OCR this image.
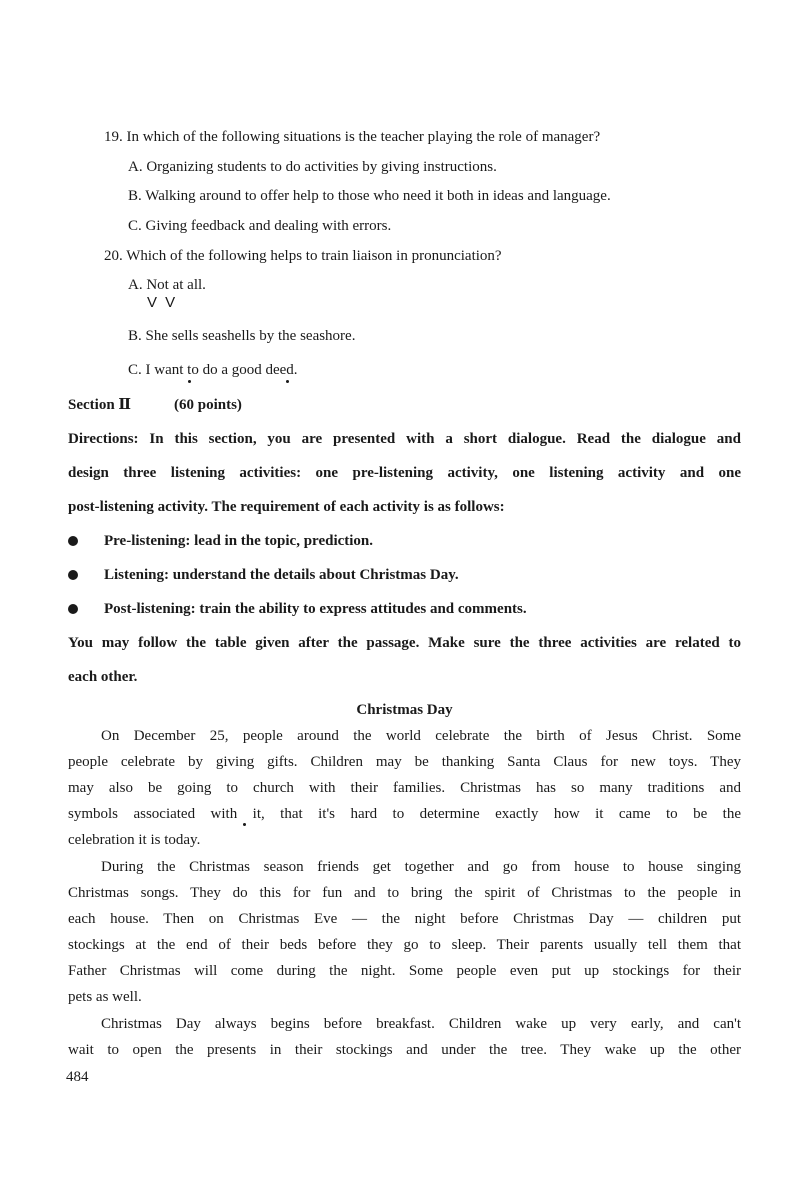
19. In which of the following situations is the teacher playing the role of manager?
A. Organizing students to do activities by giving instructions.
B. Walking around to offer help to those who need it both in ideas and language.
C. Giving feedback and dealing with errors.
20. Which of the following helps to train liaison in pronunciation?
A. Not at all.
V V
B. She sells seashells by the seashore.
C. I want to do a good deed.
Section Ⅱ	(60 points)
Directions: In this section, you are presented with a short dialogue. Read the dialogue and
design three listening activities: one pre-listening activity, one listening activity and one
post-listening activity. The requirement of each activity is as follows:
Pre-listening: lead in the topic, prediction.
Listening: understand the details about Christmas Day.
Post-listening: train the ability to express attitudes and comments.
You may follow the table given after the passage. Make sure the three activities are related to
each other.
Christmas Day
On December 25, people around the world celebrate the birth of Jesus Christ. Some
people celebrate by giving gifts. Children may be thanking Santa Claus for new toys. They
may also be going to church with their families. Christmas has so many traditions and
symbols associated with it, that it's hard to determine exactly how it came to be the
celebration it is today.
During the Christmas season friends get together and go from house to house singing
Christmas songs. They do this for fun and to bring the spirit of Christmas to the people in
each house. Then on Christmas Eve — the night before Christmas Day — children put
stockings at the end of their beds before they go to sleep. Their parents usually tell them that
Father Christmas will come during the night. Some people even put up stockings for their
pets as well.
Christmas Day always begins before breakfast. Children wake up very early, and can't
wait to open the presents in their stockings and under the tree. They wake up the other
484
